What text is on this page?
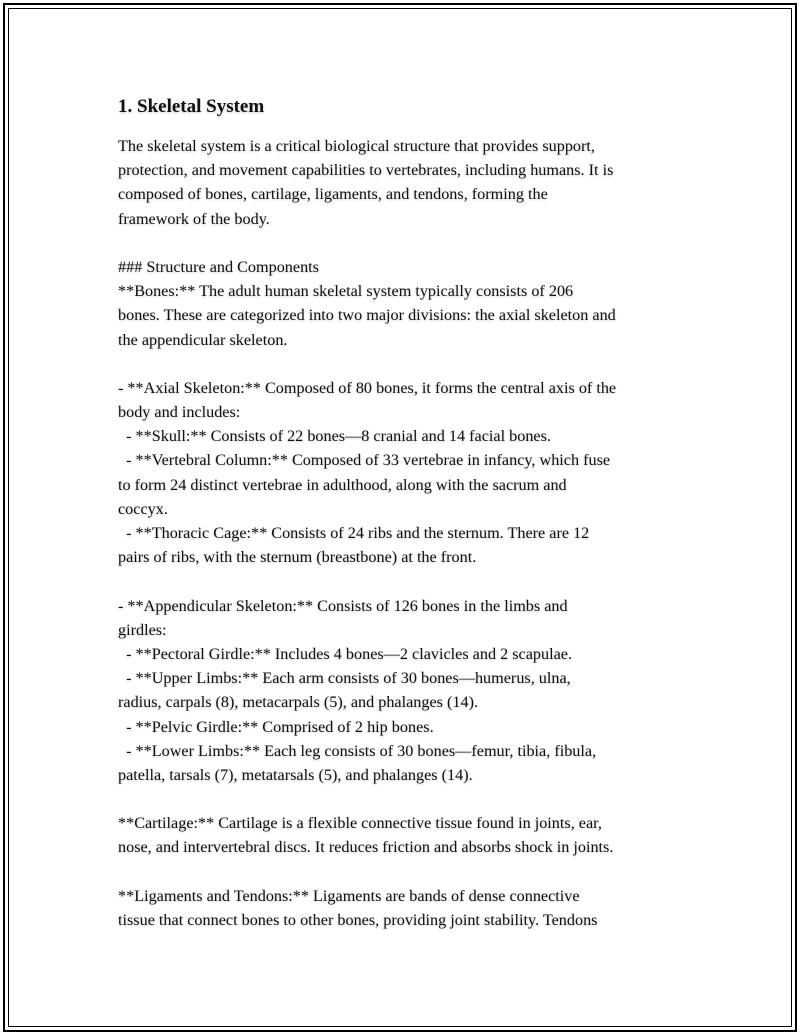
1. Skeletal System
The skeletal system is a critical biological structure that provides support,
protection, and movement capabilities to vertebrates, including humans. It is
composed of bones, cartilage, ligaments, and tendons, forming the
framework of the body.
### Structure and Components
**Bones:** The adult human skeletal system typically consists of 206
bones. These are categorized into two major divisions: the axial skeleton and
the appendicular skeleton.
- **Axial Skeleton:** Composed of 80 bones, it forms the central axis of the
body and includes:
- **Skull:** Consists of 22 bones—8 cranial and 14 facial bones.
- **Vertebral Column:** Composed of 33 vertebrae in infancy, which fuse
to form 24 distinct vertebrae in adulthood, along with the sacrum and
coccyx.
- **Thoracic Cage:** Consists of 24 ribs and the sternum. There are 12
pairs of ribs, with the sternum (breastbone) at the front.
- **Appendicular Skeleton:** Consists of 126 bones in the limbs and
girdles:
- **Pectoral Girdle:** Includes 4 bones—2 clavicles and 2 scapulae.
- **Upper Limbs:** Each arm consists of 30 bones—humerus, ulna,
radius, carpals (8), metacarpals (5), and phalanges (14).
- **Pelvic Girdle:** Comprised of 2 hip bones.
- **Lower Limbs:** Each leg consists of 30 bones—femur, tibia, fibula,
patella, tarsals (7), metatarsals (5), and phalanges (14).
**Cartilage:** Cartilage is a flexible connective tissue found in joints, ear,
nose, and intervertebral discs. It reduces friction and absorbs shock in joints.
**Ligaments and Tendons:** Ligaments are bands of dense connective
tissue that connect bones to other bones, providing joint stability. Tendons
